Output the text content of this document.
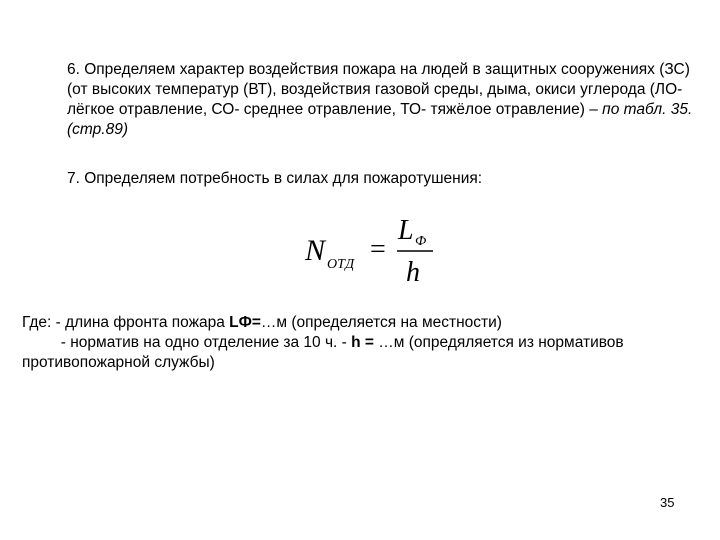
6. Определяем характер воздействия пожара на людей в защитных сооружениях (ЗС) (от высоких температур (ВТ), воздействия газовой среды, дыма, окиси углерода (ЛО-лёгкое отравление, СО- среднее отравление, ТО- тяжёлое отравление) – по табл. 35. (стр.89)
7. Определяем потребность в силах для пожаротушения:
N ОТД =
L Ф
h
Где: - длина фронта пожара LФ=…м (определяется на местности)
- норматив на одно отделение за 10 ч. - h = …м (опредяляется из нормативов противопожарной службы)
35
